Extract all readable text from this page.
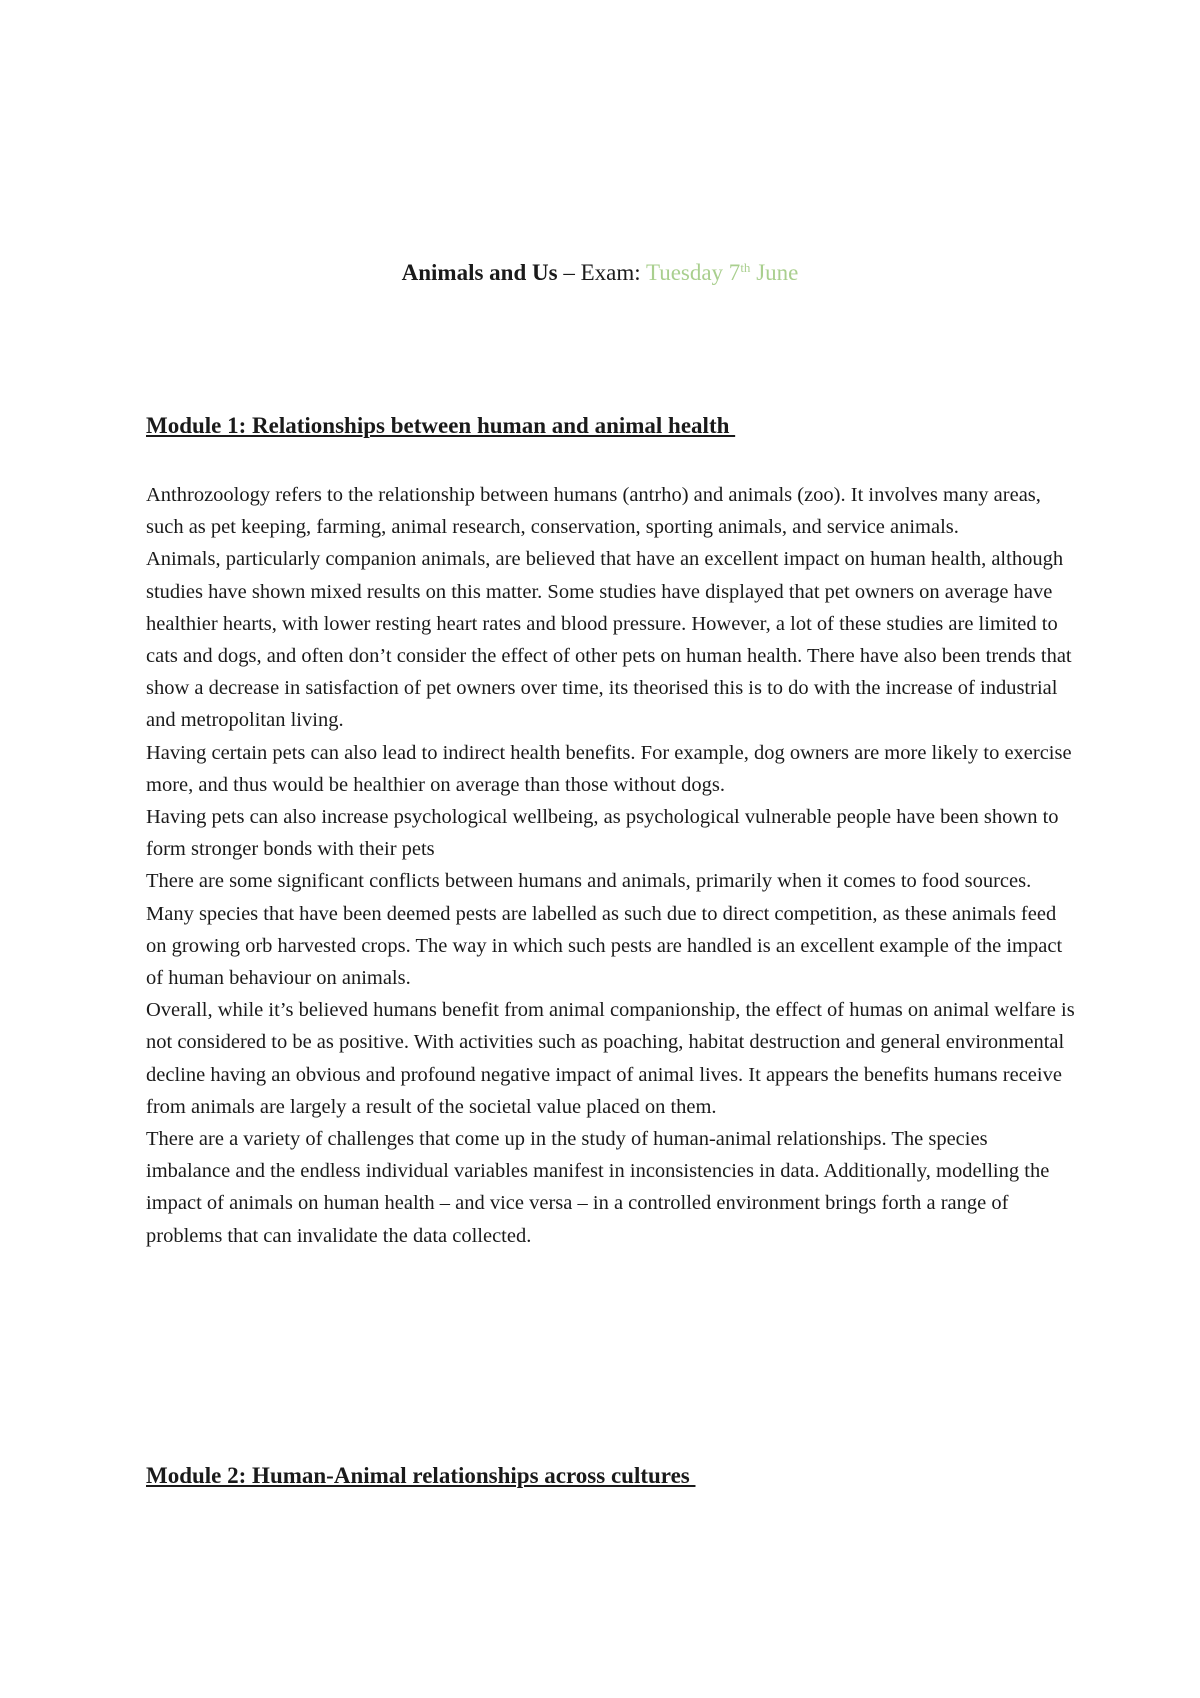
Animals and Us – Exam: Tuesday 7th June
Module 1: Relationships between human and animal health

Anthrozoology refers to the relationship between humans (antrho) and animals (zoo). It involves many areas, such as pet keeping, farming, animal research, conservation, sporting animals, and service animals.

Animals, particularly companion animals, are believed that have an excellent impact on human health, although studies have shown mixed results on this matter. Some studies have displayed that pet owners on average have healthier hearts, with lower resting heart rates and blood pressure. However, a lot of these studies are limited to cats and dogs, and often don’t consider the effect of other pets on human health. There have also been trends that show a decrease in satisfaction of pet owners over time, its theorised this is to do with the increase of industrial and metropolitan living.

Having certain pets can also lead to indirect health benefits. For example, dog owners are more likely to exercise more, and thus would be healthier on average than those without dogs.

Having pets can also increase psychological wellbeing, as psychological vulnerable people have been shown to form stronger bonds with their pets

There are some significant conflicts between humans and animals, primarily when it comes to food sources. Many species that have been deemed pests are labelled as such due to direct competition, as these animals feed on growing orb harvested crops. The way in which such pests are handled is an excellent example of the impact of human behaviour on animals.

Overall, while it’s believed humans benefit from animal companionship, the effect of humas on animal welfare is not considered to be as positive. With activities such as poaching, habitat destruction and general environmental decline having an obvious and profound negative impact of animal lives. It appears the benefits humans receive from animals are largely a result of the societal value placed on them.

There are a variety of challenges that come up in the study of human-animal relationships. The species imbalance and the endless individual variables manifest in inconsistencies in data. Additionally, modelling the impact of animals on human health – and vice versa – in a controlled environment brings forth a range of problems that can invalidate the data collected.

Module 2: Human-Animal relationships across cultures
